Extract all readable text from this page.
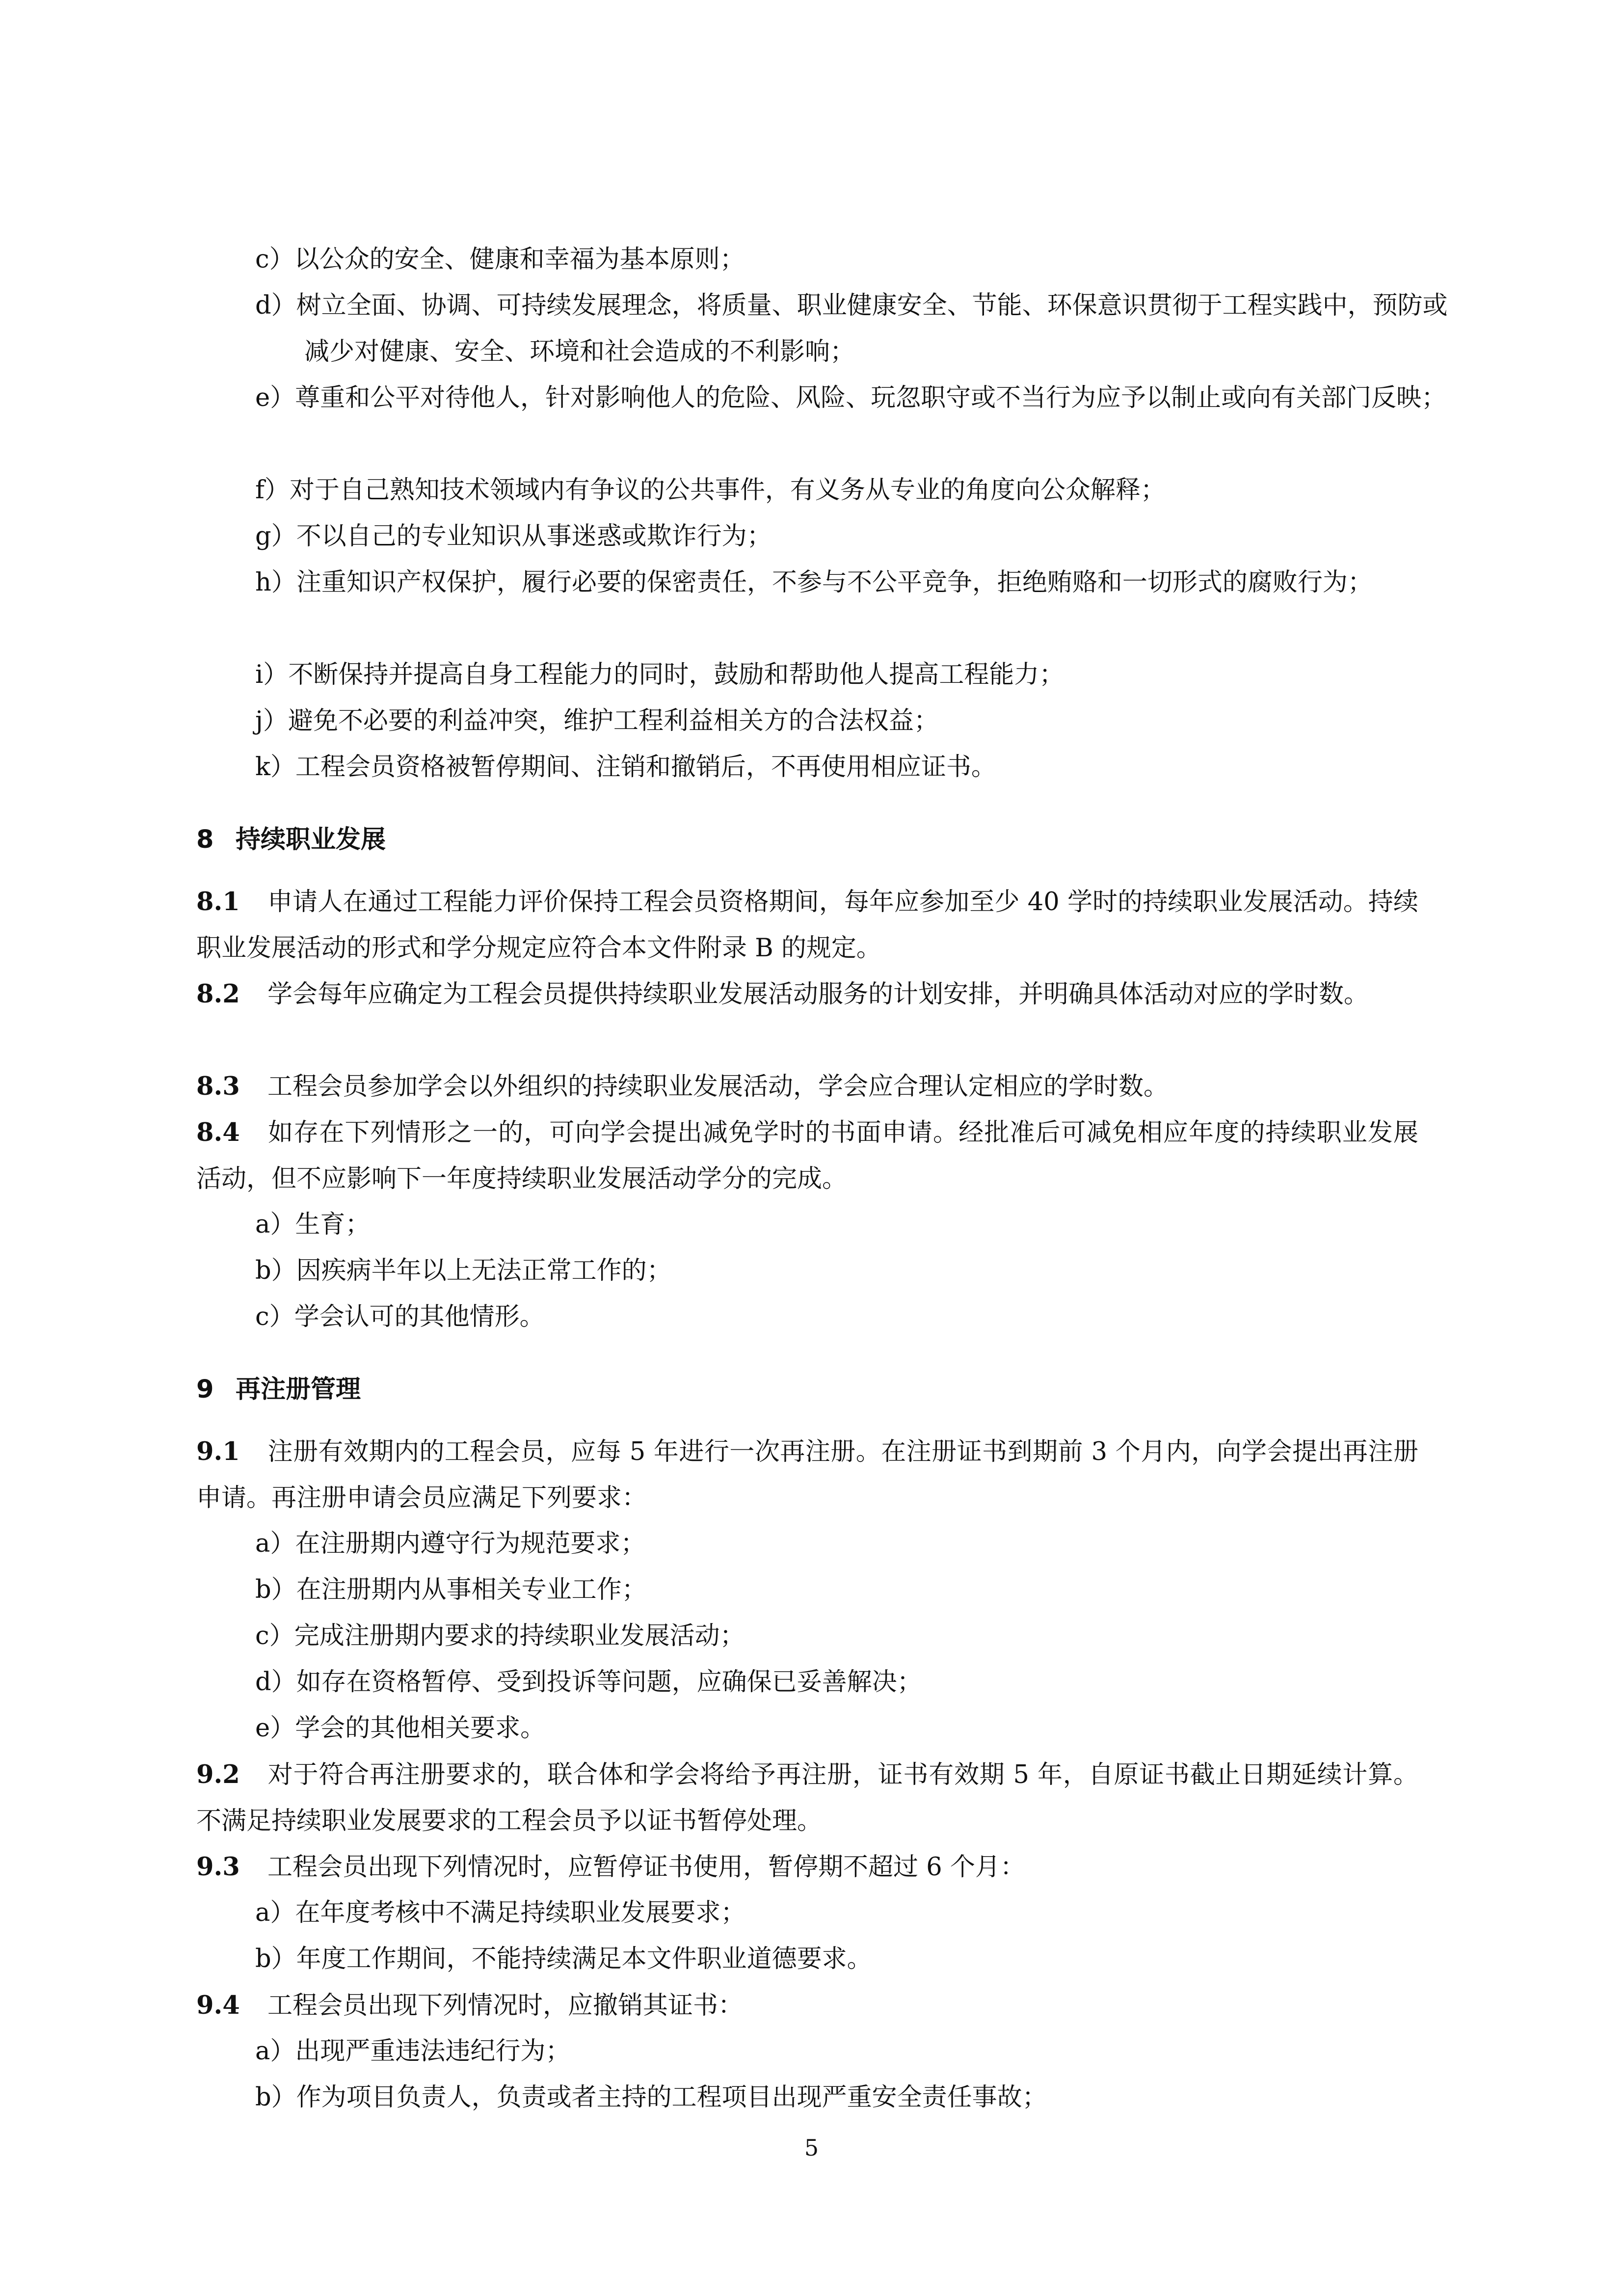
c）以公众的安全、健康和幸福为基本原则；
d）树立全面、协调、可持续发展理念，将质量、职业健康安全、节能、环保意识贯彻于工程实践中，预防或减少对健康、安全、环境和社会造成的不利影响；
e）尊重和公平对待他人，针对影响他人的危险、风险、玩忽职守或不当行为应予以制止或向有关部门反映；
f）对于自己熟知技术领域内有争议的公共事件，有义务从专业的角度向公众解释；
g）不以自己的专业知识从事迷惑或欺诈行为；
h）注重知识产权保护，履行必要的保密责任，不参与不公平竞争，拒绝贿赂和一切形式的腐败行为；
i）不断保持并提高自身工程能力的同时，鼓励和帮助他人提高工程能力；
j）避免不必要的利益冲突，维护工程利益相关方的合法权益；
k）工程会员资格被暂停期间、注销和撤销后，不再使用相应证书。
8 持续职业发展
8.1 申请人在通过工程能力评价保持工程会员资格期间，每年应参加至少 40 学时的持续职业发展活动。持续职业发展活动的形式和学分规定应符合本文件附录 B 的规定。
8.2 学会每年应确定为工程会员提供持续职业发展活动服务的计划安排，并明确具体活动对应的学时数。
8.3 工程会员参加学会以外组织的持续职业发展活动，学会应合理认定相应的学时数。
8.4 如存在下列情形之一的，可向学会提出减免学时的书面申请。经批准后可减免相应年度的持续职业发展活动，但不应影响下一年度持续职业发展活动学分的完成。
a）生育；
b）因疾病半年以上无法正常工作的；
c）学会认可的其他情形。
9 再注册管理
9.1 注册有效期内的工程会员，应每 5 年进行一次再注册。在注册证书到期前 3 个月内，向学会提出再注册申请。再注册申请会员应满足下列要求：
a）在注册期内遵守行为规范要求；
b）在注册期内从事相关专业工作；
c）完成注册期内要求的持续职业发展活动；
d）如存在资格暂停、受到投诉等问题，应确保已妥善解决；
e）学会的其他相关要求。
9.2 对于符合再注册要求的，联合体和学会将给予再注册，证书有效期 5 年，自原证书截止日期延续计算。不满足持续职业发展要求的工程会员予以证书暂停处理。
9.3 工程会员出现下列情况时，应暂停证书使用，暂停期不超过 6 个月：
a）在年度考核中不满足持续职业发展要求；
b）年度工作期间，不能持续满足本文件职业道德要求。
9.4 工程会员出现下列情况时，应撤销其证书：
a）出现严重违法违纪行为；
b）作为项目负责人，负责或者主持的工程项目出现严重安全责任事故；
5
